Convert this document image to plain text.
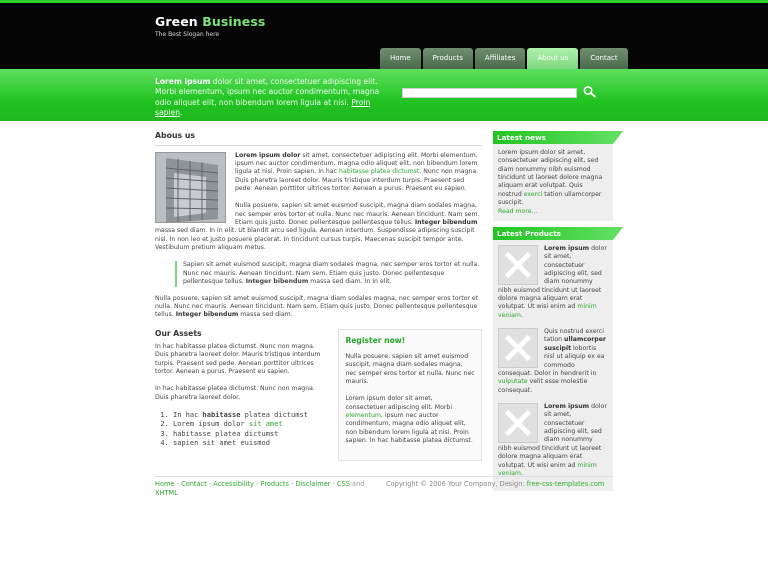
Green Business
The Best Slogan here
Home	Products	Affiliates	About us	Contact
Lorem ipsum dolor sit amet, consectetuer adipiscing elit. Morbi elementum, ipsum nec auctor condimentum, magna odio aliquet elit, non bibendum lorem ligula at nisi. Proin sapien.
Abous us

Lorem ipsum dolor sit amet, consectetuer adipiscing elit. Morbi elementum, ipsum nec auctor condimentum, magna odio aliquet elit, non bibendum lorem ligula at nisi. Proin sapien. In hac habitasse platea dictumst. Nunc non magna. Duis pharetra laoreet dolor. Mauris tristique interdum turpis. Praesent sed pede. Aenean porttitor ultrices tortor. Aenean a purus. Praesent eu sapien.

Nulla posuere, sapien sit amet euismod suscipit, magna diam sodales magna, nec semper eros tortor et nulla. Nunc nec mauris. Aenean tincidunt. Nam sem. Etiam quis justo. Donec pellentesque pellentesque tellus. Integer bibendum massa sed diam. In in elit. Ut blandit arcu sed ligula. Aenean interdum. Suspendisse adipiscing suscipit nisl. In non leo et justo posuere placerat. In tincidunt cursus turpis. Maecenas suscipit tempor ante. Vestibulum pretium aliquam metus.

Sapien sit amet euismod suscipit, magna diam sodales magna, nec semper eros tortor et nulla. Nunc nec mauris. Aenean tincidunt. Nam sem. Etiam quis justo. Donec pellentesque pellentesque tellus. Integer bibendum massa sed diam. In in elit.

Nulla posuere, sapien sit amet euismod suscipit, magna diam sodales magna, nec semper eros tortor et nulla. Nunc nec mauris. Aenean tincidunt. Nam sem. Etiam quis justo. Donec pellentesque pellentesque tellus. Integer bibendum massa sed diam.

Our Assets

In hac habitasse platea dictumst. Nunc non magna. Duis pharetra laoreet dolor. Mauris tristique interdum turpis. Praesent sed pede. Aenean porttitor ultrices tortor. Aenean a purus. Praesent eu sapien.

In hac habitasse platea dictumst. Nunc non magna. Duis pharetra laoreet dolor.

1. In hac habitasse platea dictumst
2. Lorem ipsum dolor sit amet
3. habitasse platea dictumst
4. sapien sit amet euismod
Register now!

Nulla posuere, sapien sit amet euismod suscipit, magna diam sodales magna, nec semper eros tortor et nulla. Nunc nec mauris.

Lorem ipsum dolor sit amet, consectetuer adipiscing elit. Morbi elementum, ipsum nec auctor condimentum, magna odio aliquet elit, non bibendum lorem ligula at nisi. Proin sapien. In hac habitasse platea dictumst.

Latest news
Lorem ipsum dolor sit amet, consectetuer adipiscing elit, sed diam nonummy nibh euismod tincidunt ut laoreet dolore magna aliquam erat volutpat. Quis nostrud exerci tation ullamcorper suscipit.
Read more...
Latest Products
Lorem ipsum dolor sit amet, consectetuer adipiscing elit, sed diam nonummy nibh euismod tincidunt ut laoreet dolore magna aliquam erat volutpat. Ut wisi enim ad minim veniam.
Quis nostrud exerci tation ullamcorper suscipit lobortis nisl ut aliquip ex ea commodo consequat. Dolor in hendrerit in vulputate velit esse molestie consequat.
Lorem ipsum dolor sit amet, consectetuer adipiscing elit, sed diam nonummy nibh euismod tincidunt ut laoreet dolore magna aliquam erat volutpat. Ut wisi enim ad minim veniam.
Home - Contact - Accessibility - Products - Disclaimer - CSS and XHTML
Copyright © 2006 Your Company, Design: free-css-templates.com
